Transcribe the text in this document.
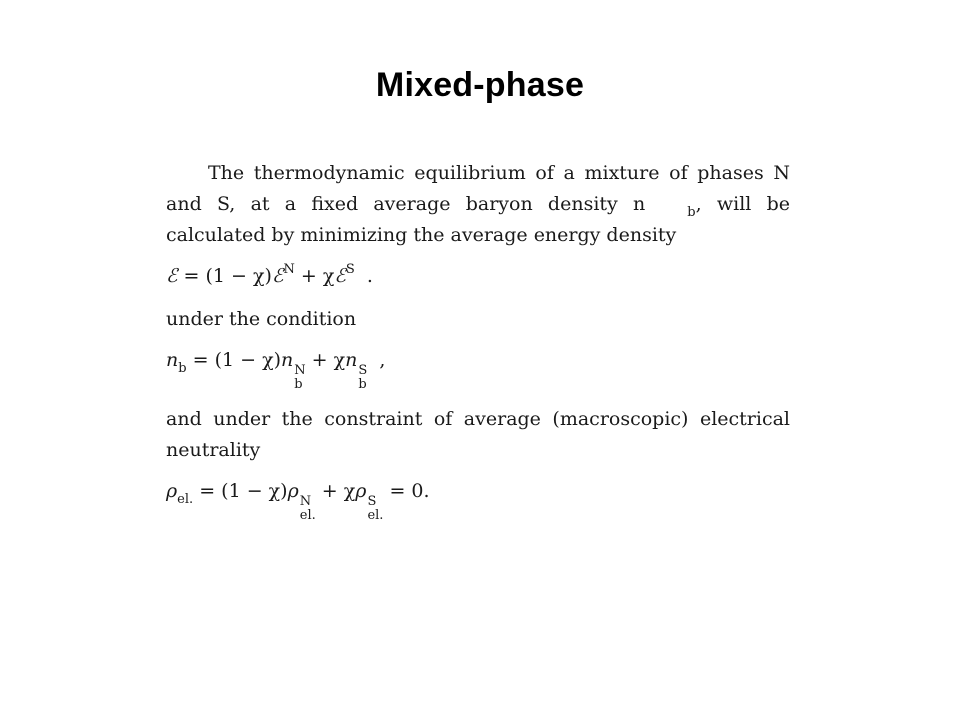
Mixed-phase

The thermodynamic equilibrium of a mixture of phases N and S, at a fixed average baryon density n	b, will be calculated by minimizing the average energy density

ℰ = (1 − χ)ℰN + χℰS  .

under the condition

nb = (1 − χ)n N
b
+ χn S
b
,

and under the constraint of average (macroscopic) electrical neutrality

ρel. = (1 − χ)ρ N
el.
+ χρ S
el.
= 0.
